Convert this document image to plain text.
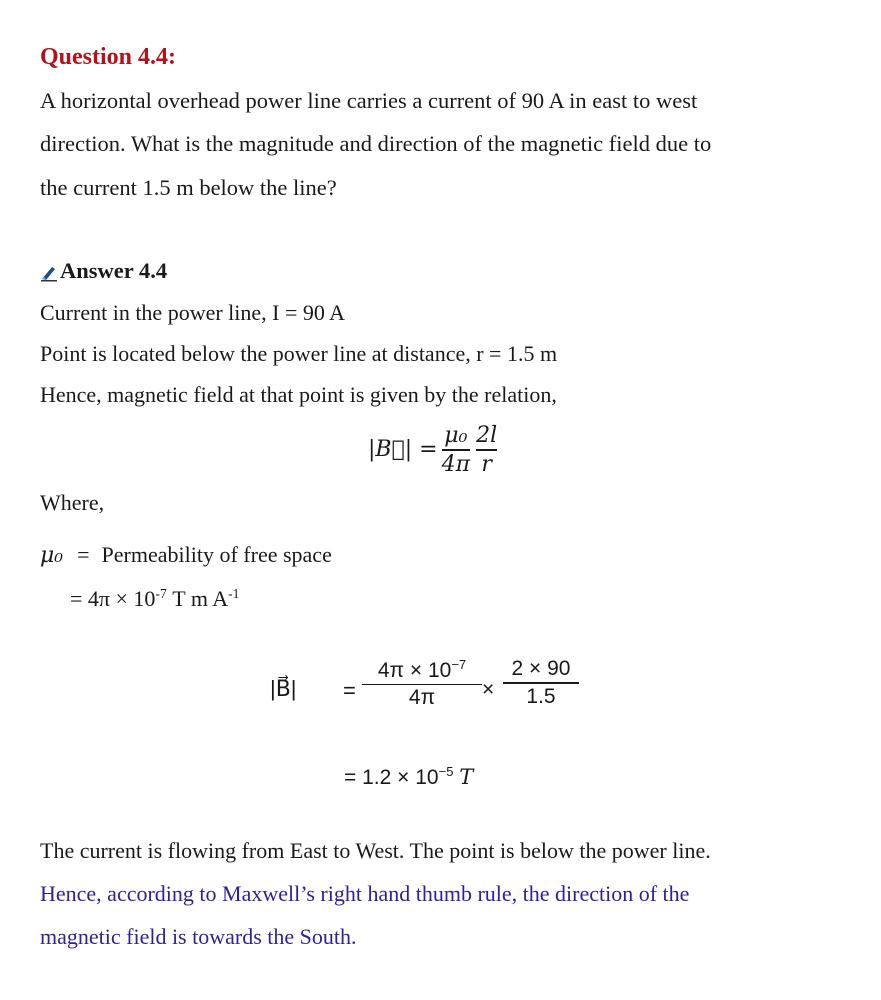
Question 4.4:
A horizontal overhead power line carries a current of 90 A in east to west
direction. What is the magnitude and direction of the magnetic field due to
the current 1.5 m below the line?
Answer 4.4
Current in the power line, I = 90 A
Point is located below the power line at distance, r = 1.5 m
Hence, magnetic field at that point is given by the relation,
|B⃗| = $\frac{\text{μ₀}}{4\pi} \frac{2l}{r}$
Where,
μ₀ = Permeability of free space
= $4\pi \times 10^{-7}$ T m $A^{-1}$
|B⃗| = $\frac{4\pi \times 10^{-7}}{4\pi} \times \frac{2 \times 90}{1.5}$
= $1.2 \times 10^{-5}$ T
The current is flowing from East to West. The point is below the power line.
Hence, according to Maxwell’s right hand thumb rule, the direction of the
magnetic field is towards the South.
